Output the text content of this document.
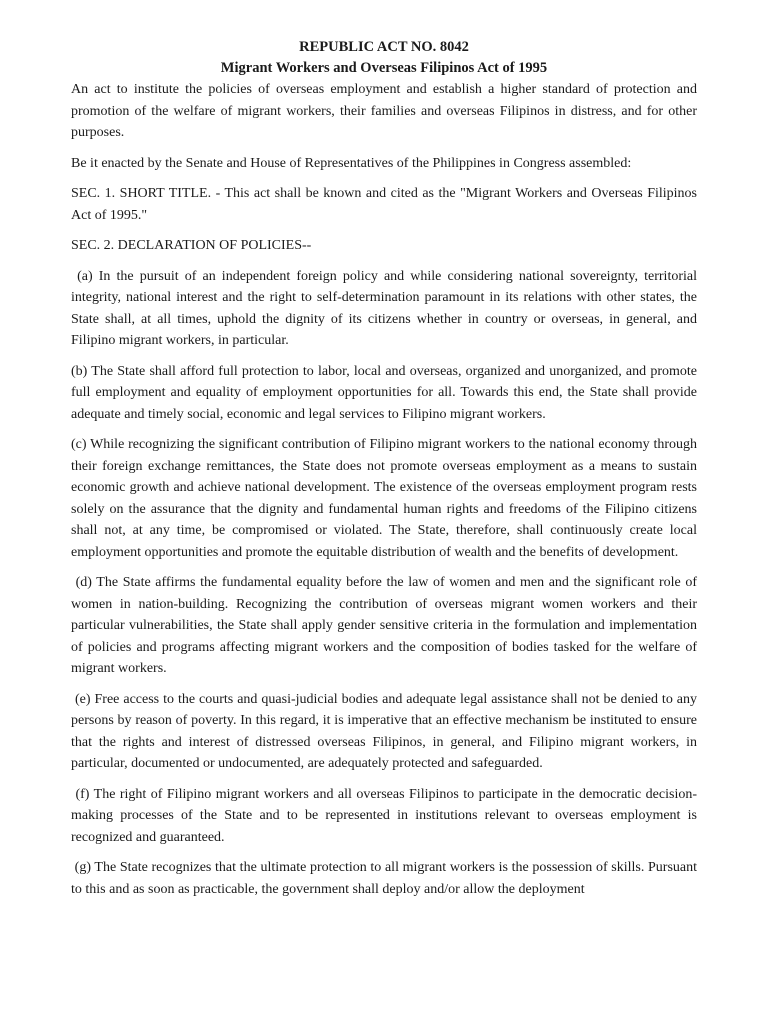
REPUBLIC ACT NO. 8042

Migrant Workers and Overseas Filipinos Act of 1995

An act to institute the policies of overseas employment and establish a higher standard of protection and promotion of the welfare of migrant workers, their families and overseas Filipinos in distress, and for other purposes.

Be it enacted by the Senate and House of Representatives of the Philippines in Congress assembled:

SEC. 1. SHORT TITLE. - This act shall be known and cited as the "Migrant Workers and Overseas Filipinos Act of 1995."

SEC. 2. DECLARATION OF POLICIES--

(a) In the pursuit of an independent foreign policy and while considering national sovereignty, territorial integrity, national interest and the right to self-determination paramount in its relations with other states, the State shall, at all times, uphold the dignity of its citizens whether in country or overseas, in general, and Filipino migrant workers, in particular.

(b) The State shall afford full protection to labor, local and overseas, organized and unorganized, and promote full employment and equality of employment opportunities for all. Towards this end, the State shall provide adequate and timely social, economic and legal services to Filipino migrant workers.

(c) While recognizing the significant contribution of Filipino migrant workers to the national economy through their foreign exchange remittances, the State does not promote overseas employment as a means to sustain economic growth and achieve national development. The existence of the overseas employment program rests solely on the assurance that the dignity and fundamental human rights and freedoms of the Filipino citizens shall not, at any time, be compromised or violated. The State, therefore, shall continuously create local employment opportunities and promote the equitable distribution of wealth and the benefits of development.

(d) The State affirms the fundamental equality before the law of women and men and the significant role of women in nation-building. Recognizing the contribution of overseas migrant women workers and their particular vulnerabilities, the State shall apply gender sensitive criteria in the formulation and implementation of policies and programs affecting migrant workers and the composition of bodies tasked for the welfare of migrant workers.

(e) Free access to the courts and quasi-judicial bodies and adequate legal assistance shall not be denied to any persons by reason of poverty. In this regard, it is imperative that an effective mechanism be instituted to ensure that the rights and interest of distressed overseas Filipinos, in general, and Filipino migrant workers, in particular, documented or undocumented, are adequately protected and safeguarded.

(f) The right of Filipino migrant workers and all overseas Filipinos to participate in the democratic decision-making processes of the State and to be represented in institutions relevant to overseas employment is recognized and guaranteed.

(g) The State recognizes that the ultimate protection to all migrant workers is the possession of skills. Pursuant to this and as soon as practicable, the government shall deploy and/or allow the deployment
